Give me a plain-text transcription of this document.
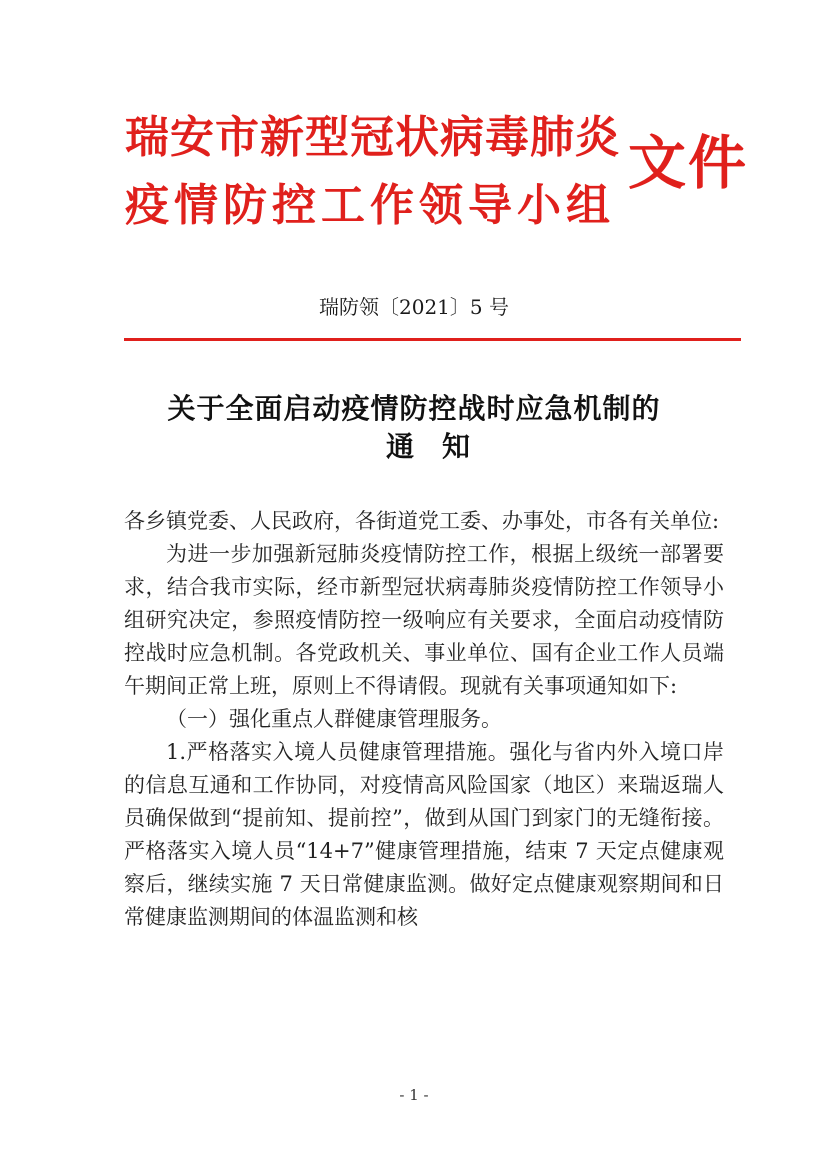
瑞安市新型冠状病毒肺炎
疫情防控工作领导小组
文件
瑞防领〔2021〕5 号
关于全面启动疫情防控战时应急机制的
通知

各乡镇党委、人民政府，各街道党工委、办事处，市各有关单位:

为进一步加强新冠肺炎疫情防控工作，根据上级统一部署要求，结合我市实际，经市新型冠状病毒肺炎疫情防控工作领导小组研究决定，参照疫情防控一级响应有关要求，全面启动疫情防控战时应急机制。各党政机关、事业单位、国有企业工作人员端午期间正常上班，原则上不得请假。现就有关事项通知如下:

（一）强化重点人群健康管理服务。

1.严格落实入境人员健康管理措施。强化与省内外入境口岸的信息互通和工作协同，对疫情高风险国家（地区）来瑞返瑞人员确保做到“提前知、提前控”，做到从国门到家门的无缝衔接。严格落实入境人员“14+7”健康管理措施，结束 7 天定点健康观察后，继续实施 7 天日常健康监测。做好定点健康观察期间和日常健康监测期间的体温监测和核

- 1 -
